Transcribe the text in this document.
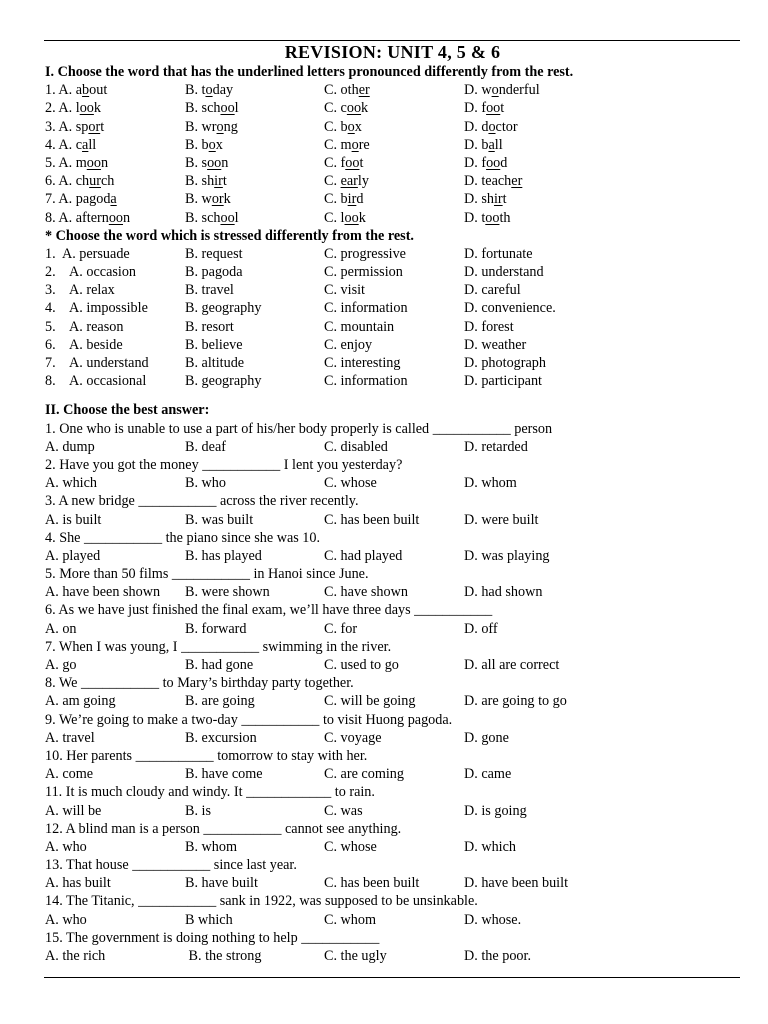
REVISION: UNIT 4, 5 & 6
I. Choose the word that has the underlined letters pronounced differently from the rest.
1. A. about	B. today	C. other	D. wonderful
2. A. look	B. school	C. cook	D. foot
3. A. sport	B. wrong	C. box	D. doctor
4. A. call	B. box	C. more	D. ball
5. A. moon	B. soon	C. foot	D. food
6. A. church	B. shirt	C. early	D. teacher
7. A. pagoda	B. work	C. bird	D. shirt
8. A. afternoon	B. school	C. look	D. tooth
* Choose the word which is stressed differently from the rest.
1.  A. persuade	B. request	C. progressive	D. fortunate
2.    A. occasion	B. pagoda	C. permission	D. understand
3.    A. relax	B. travel	C. visit	D. careful
4.    A. impossible	B. geography	C. information	D. convenience.
5.    A. reason	B. resort	C. mountain	D. forest
6.    A. beside	B. believe	C. enjoy	D. weather
7.    A. understand	B. altitude	C. interesting	D. photograph
8.    A. occasional	B. geography	C. information	D. participant
II. Choose the best answer:
1. One who is unable to use a part of his/her body properly is called ___________ person
A. dump	B. deaf	C. disabled	D. retarded
2. Have you got the money ___________ I lent you yesterday?
A. which	B. who	C. whose	D. whom
3. A new bridge ___________ across the river recently.
A. is built	B. was built	C. has been built	D. were built
4. She ___________ the piano since she was 10.
A. played	B. has played	C. had played	D. was playing
5. More than 50 films ___________ in Hanoi since June.
A. have been shown	B. were shown	C. have shown	D. had shown
6. As we have just finished the final exam, we’ll have three days ___________
A. on	B. forward	C. for	D. off
7. When I was young, I ___________ swimming in the river.
A. go	B. had gone	C. used to go	D. all are correct
8. We ___________ to Mary’s birthday party together.
A. am going	B. are going	C. will be going	D. are going to go
9. We’re going to make a two-day ___________ to visit Huong pagoda.
A. travel	B. excursion	C. voyage	D. gone
10. Her parents ___________ tomorrow to stay with her.
A. come	B. have come	C. are coming	D. came
11. It is much cloudy and windy. It ____________ to rain.
A. will be	B. is	C. was	D. is going
12. A blind man is a person ___________ cannot see anything.
A. who	B. whom	C. whose	D. which
13. That house ___________ since last year.
A. has built	B. have built	C. has been built	D. have been built
14. The Titanic, ___________ sank in 1922, was supposed to be unsinkable.
A. who	B which	C. whom	D. whose.
15. The government is doing nothing to help ___________
A. the rich	B. the strong	C. the ugly	D. the poor.
